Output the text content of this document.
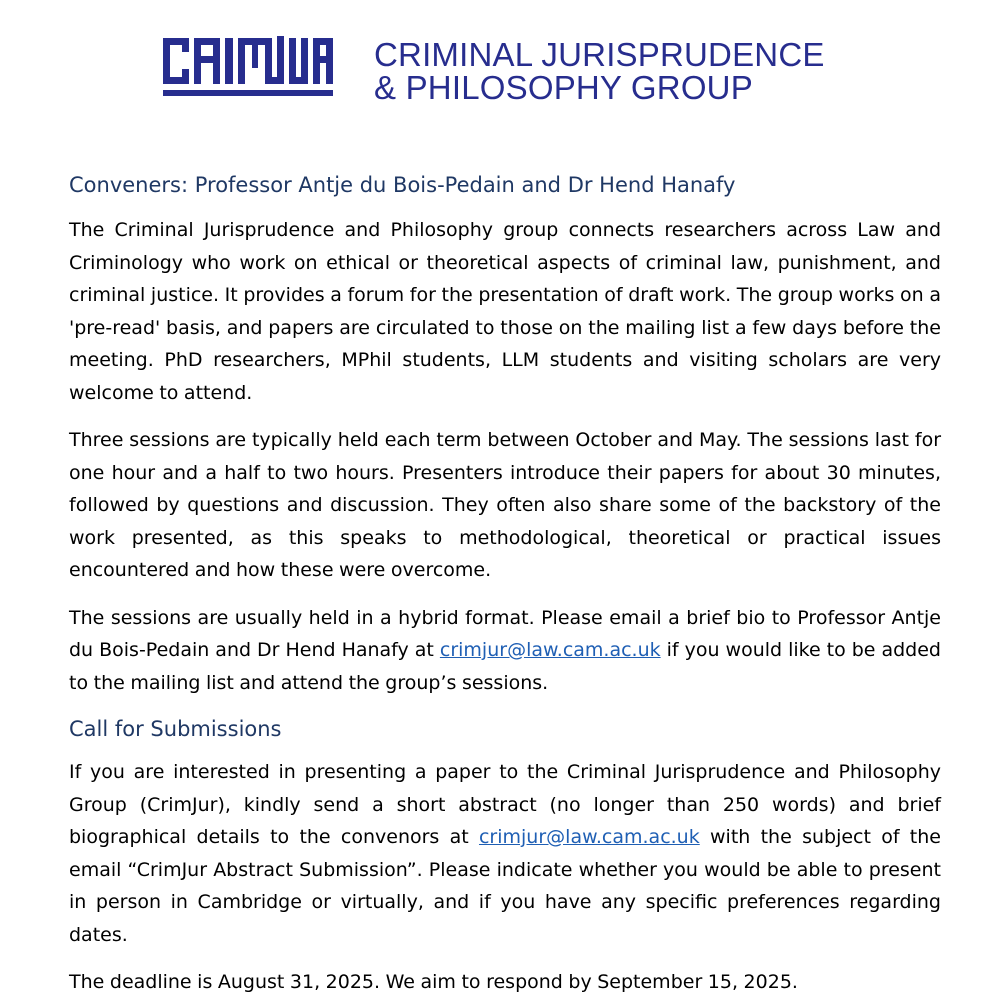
CRIMJUR	CRIMINAL JURISPRUDENCE
& PHILOSOPHY GROUP
Conveners: Professor Antje du Bois-Pedain and Dr Hend Hanafy

The Criminal Jurisprudence and Philosophy group connects researchers across Law and Criminology who work on ethical or theoretical aspects of criminal law, punishment, and criminal justice. It provides a forum for the presentation of draft work. The group works on a 'pre-read' basis, and papers are circulated to those on the mailing list a few days before the meeting. PhD researchers, MPhil students, LLM students and visiting scholars are very welcome to attend.

Three sessions are typically held each term between October and May. The sessions last for one hour and a half to two hours. Presenters introduce their papers for about 30 minutes, followed by questions and discussion. They often also share some of the backstory of the work presented, as this speaks to methodological, theoretical or practical issues encountered and how these were overcome.

The sessions are usually held in a hybrid format. Please email a brief bio to Professor Antje du Bois-Pedain and Dr Hend Hanafy at crimjur@law.cam.ac.uk if you would like to be added to the mailing list and attend the group’s sessions.

Call for Submissions

If you are interested in presenting a paper to the Criminal Jurisprudence and Philosophy Group (CrimJur), kindly send a short abstract (no longer than 250 words) and brief biographical details to the convenors at crimjur@law.cam.ac.uk with the subject of the email “CrimJur Abstract Submission”. Please indicate whether you would be able to present in person in Cambridge or virtually, and if you have any specific preferences regarding dates.

The deadline is August 31, 2025. We aim to respond by September 15, 2025.
